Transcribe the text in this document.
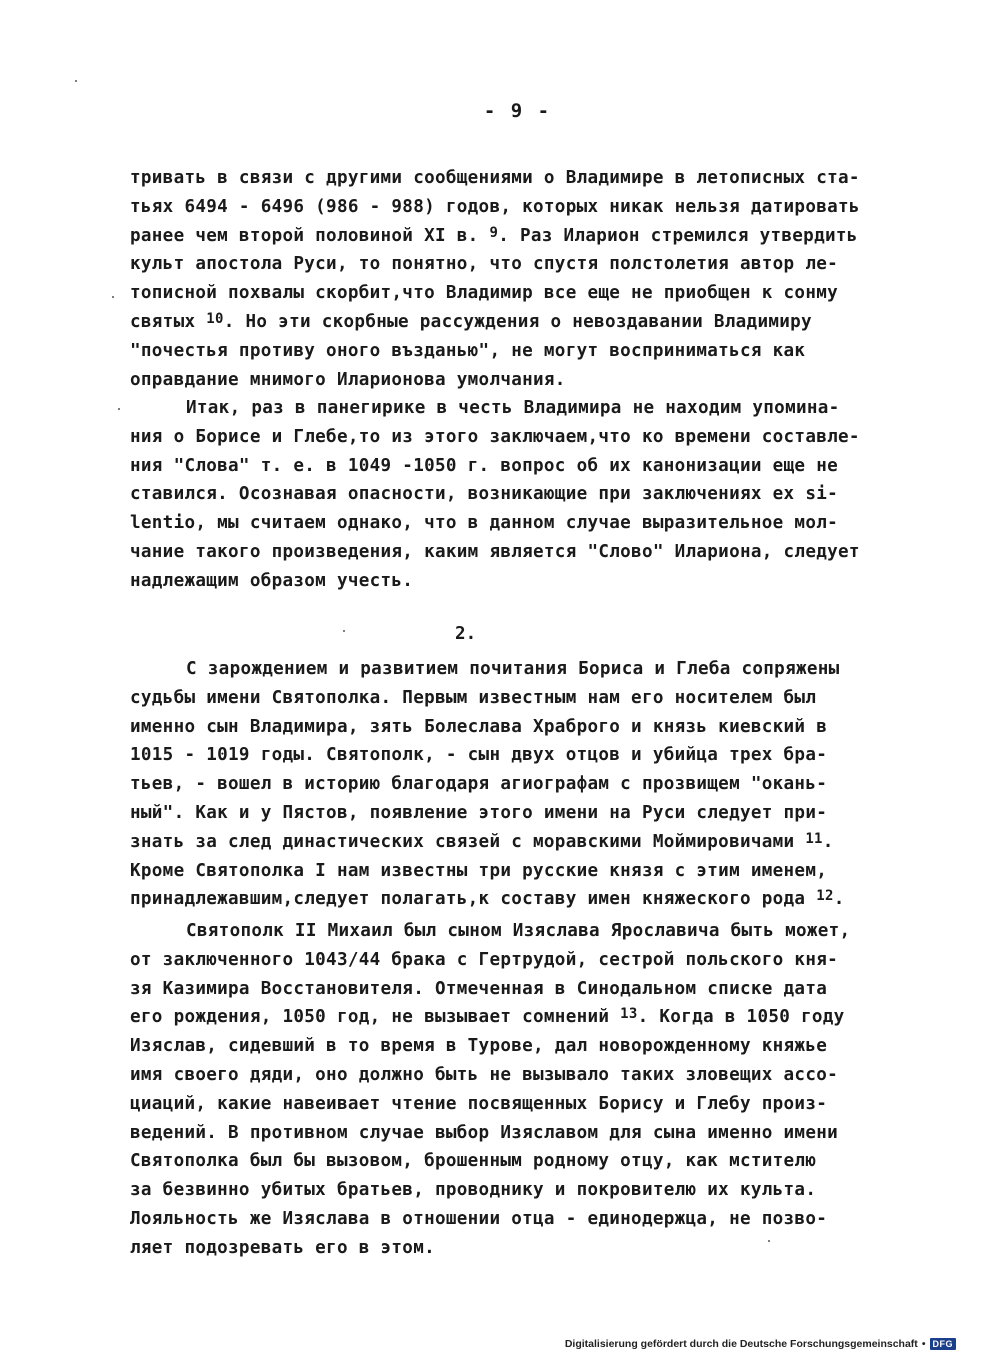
- 9 -
тривать в связи с другими сообщениями о Владимире в летописных ста-
тьях 6494 - 6496 (986 - 988) годов, которых никак нельзя датировать
ранее чем второй половиной XI в. $^9$. Раз Иларион стремился утвердить
культ апостола Руси, то понятно, что спустя полстолетия автор ле-
тописной похвалы скорбит,что Владимир все еще не приобщен к сонму
святых $^{10}$. Но эти скорбные рассуждения о невоздавании Владимиру
"почестья противу оного възданью", не могут восприниматься как
оправдание мнимого Иларионова умолчания.
Итак, раз в панегирике в честь Владимира не находим упомина-
ния о Борисе и Глебе,то из этого заключаем,что ко времени составле-
ния "Слова" т. е. в 1049 -1050 г. вопрос об их канонизации еще не
ставился. Осознавая опасности, возникающие при заключениях ex si-
lentio, мы считаем однако, что в данном случае выразительное мол-
чание такого произведения, каким является "Слово" Илариона, следует
надлежащим образом учесть.
2.
С зарождением и развитием почитания Бориса и Глеба сопряжены
судьбы имени Святополка. Первым известным нам его носителем был
именно сын Владимира, зять Болеслава Храброго и князь киевский в
1015 - 1019 годы. Святополк, - сын двух отцов и убийца трех бра-
тьев, - вошел в историю благодаря агиографам с прозвищем "окань-
ный". Как и у Пястов, появление этого имени на Руси следует при-
знать за след династических связей с моравскими Моймировичами $^{11}$.
Кроме Святополка I нам известны три русские князя с этим именем,
принадлежавшим,следует полагать,к составу имен княжеского рода $^{12}$.
Святополк II Михаил был сыном Изяслава Ярославича быть может,
от заключенного 1043/44 брака с Гертрудой, сестрой польского кня-
зя Казимира Восстановителя. Отмеченная в Синодальном списке дата
его рождения, 1050 год, не вызывает сомнений $^{13}$. Когда в 1050 году
Изяслав, сидевший в то время в Турове, дал новорожденному княжье
имя своего дяди, оно должно быть не вызывало таких зловещих ассо-
циаций, какие навеивает чтение посвященных Борису и Глебу произ-
ведений. В противном случае выбор Изяславом для сына именно имени
Святополка был бы вызовом, брошенным родному отцу, как мстителю
за безвинно убитых братьев, проводнику и покровителю их культа.
Лояльность же Изяслава в отношении отца - единодержца, не позво-
ляет подозревать его в этом.
Digitalisierung gefördert durch die Deutsche Forschungsgemeinschaft • DFG
